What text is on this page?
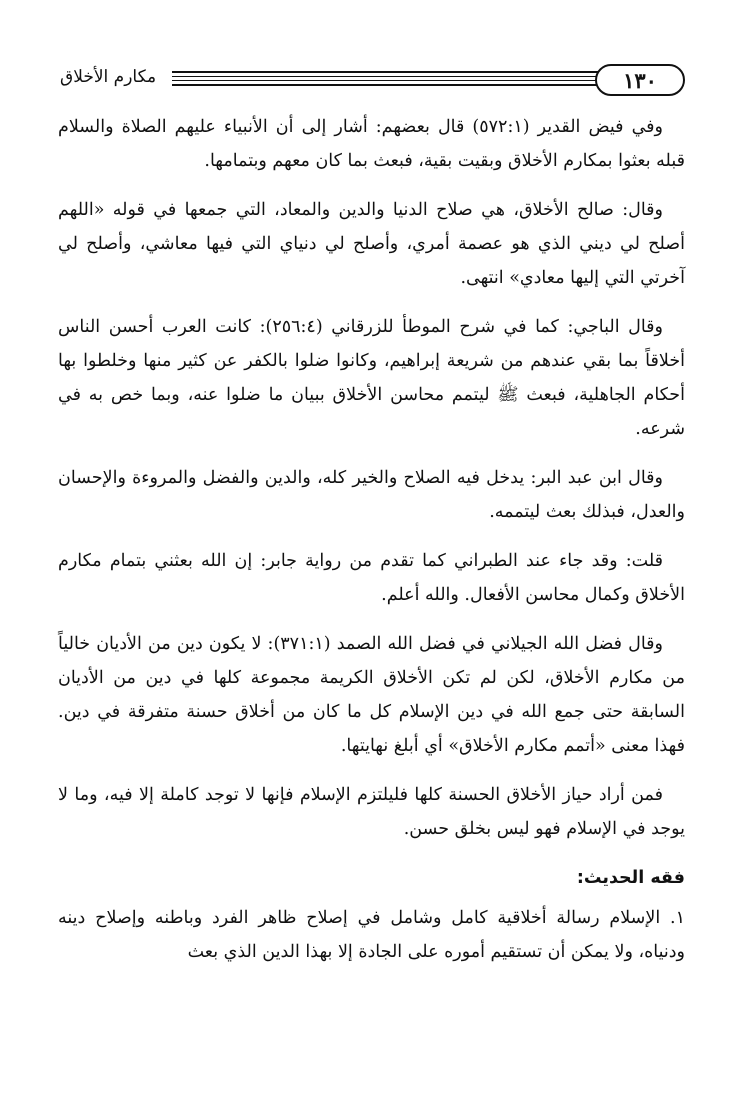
١٣٠
مكارم الأخلاق

وفي فيض القدير (٥٧٢:١) قال بعضهم: أشار إلى أن الأنبياء عليهم الصلاة والسلام قبله بعثوا بمكارم الأخلاق وبقيت بقية، فبعث بما كان معهم وبتمامها.

وقال: صالح الأخلاق، هي صلاح الدنيا والدين والمعاد، التي جمعها في قوله «اللهم أصلح لي ديني الذي هو عصمة أمري، وأصلح لي دنياي التي فيها معاشي، وأصلح لي آخرتي التي إليها معادي» انتهى.

وقال الباجي: كما في شرح الموطأ للزرقاني (٢٥٦:٤): كانت العرب أحسن الناس أخلاقاً بما بقي عندهم من شريعة إبراهيم، وكانوا ضلوا بالكفر عن كثير منها وخلطوا بها أحكام الجاهلية، فبعث ﷺ ليتمم محاسن الأخلاق ببيان ما ضلوا عنه، وبما خص به في شرعه.

وقال ابن عبد البر: يدخل فيه الصلاح والخير كله، والدين والفضل والمروءة والإحسان والعدل، فبذلك بعث ليتممه.

قلت: وقد جاء عند الطبراني كما تقدم من رواية جابر: إن الله بعثني بتمام مكارم الأخلاق وكمال محاسن الأفعال. والله أعلم.

وقال فضل الله الجيلاني في فضل الله الصمد (٣٧١:١): لا يكون دين من الأديان خالياً من مكارم الأخلاق، لكن لم تكن الأخلاق الكريمة مجموعة كلها في دين من الأديان السابقة حتى جمع الله في دين الإسلام كل ما كان من أخلاق حسنة متفرقة في دين. فهذا معنى «أتمم مكارم الأخلاق» أي أبلغ نهايتها.

فمن أراد حياز الأخلاق الحسنة كلها فليلتزم الإسلام فإنها لا توجد كاملة إلا فيه، وما لا يوجد في الإسلام فهو ليس بخلق حسن.

فقه الحديث:

١. الإسلام رسالة أخلاقية كامل وشامل في إصلاح ظاهر الفرد وباطنه وإصلاح دينه ودنياه، ولا يمكن أن تستقيم أموره على الجادة إلا بهذا الدين الذي بعث
